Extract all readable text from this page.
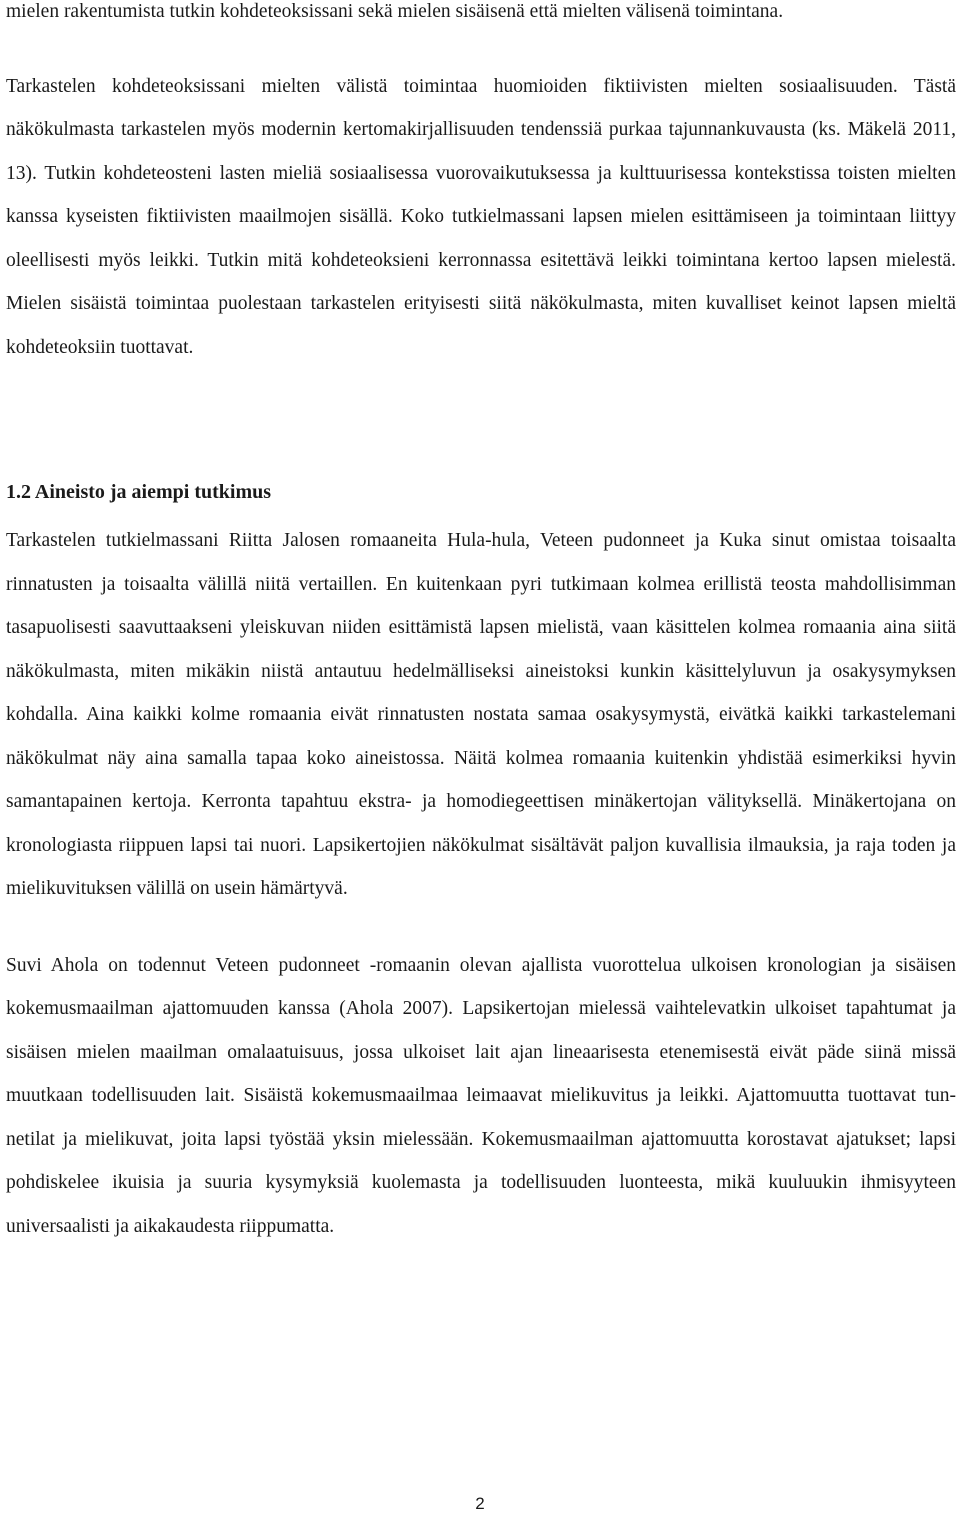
mielen rakentumista tutkin kohdeteoksissani sekä mielen sisäisenä että mielten välisenä toimintana.

Tarkastelen kohdeteoksissani mielten välistä toimintaa huomioiden fiktiivisten mielten sosiaalisuuden. Tästä näkökulmasta tarkastelen myös modernin kertomakirjallisuuden tendenssiä purkaa tajunnankuvausta (ks. Mäkelä 2011, 13). Tutkin kohdeteosteni lasten mieliä sosiaalisessa vuorovaikutuksessa ja kulttuurisessa kontekstissa toisten mielten kanssa kyseisten fiktiivisten maailmojen sisällä. Koko tutkielmassani lapsen mielen esittämiseen ja toimintaan liittyy oleellisesti myös leikki. Tutkin mitä kohdeteoksieni kerronnassa esitettävä leikki toimintana kertoo lapsen mielestä. Mielen sisäistä toimintaa puolestaan tarkastelen erityisesti siitä näkökulmasta, miten kuvalliset keinot lapsen mieltä kohdeteoksiin tuottavat.

1.2 Aineisto ja aiempi tutkimus

Tarkastelen tutkielmassani Riitta Jalosen romaaneita Hula-hula, Veteen pudonneet ja Kuka sinut omistaa toisaalta rinnatusten ja toisaalta välillä niitä vertaillen. En kuitenkaan pyri tutkimaan kolmea erillistä teosta mahdollisimman tasapuolisesti saavuttaakseni yleiskuvan niiden esittämistä lapsen mielistä, vaan käsittelen kolmea romaania aina siitä näkökulmasta, miten mikäkin niistä antautuu hedelmälliseksi aineistoksi kunkin käsittelyluvun ja osakysymyksen kohdalla. Aina kaikki kolme romaania eivät rinnatusten nostata samaa osakysymystä, eivätkä kaikki tarkastelemani näkökulmat näy aina samalla tapaa koko aineistossa. Näitä kolmea romaania kuitenkin yhdistää esimerkiksi hyvin samantapainen kertoja. Kerronta tapahtuu ekstra- ja homodiegeettisen minäkertojan välityksellä. Minäkertojana on kronologiasta riippuen lapsi tai nuori. Lapsikertojien näkökulmat sisältävät paljon kuvallisia ilmauksia, ja raja toden ja mielikuvituksen välillä on usein hämärtyvä.

Suvi Ahola on todennut Veteen pudonneet -romaanin olevan ajallista vuorottelua ulkoisen kronologian ja sisäisen kokemusmaailman ajattomuuden kanssa (Ahola 2007). Lapsikertojan mielessä vaihtelevatkin ulkoiset tapahtumat ja sisäisen mielen maailman omalaatuisuus, jossa ulkoiset lait ajan lineaarisesta etenemisestä eivät päde siinä missä muutkaan todellisuuden lait. Sisäistä kokemusmaailmaa leimaavat mielikuvitus ja leikki. Ajattomuutta tuottavat tunnetilat ja mielikuvat, joita lapsi työstää yksin mielessään. Kokemusmaailman ajattomuutta korostavat ajatukset; lapsi pohdiskelee ikuisia ja suuria kysymyksiä kuolemasta ja todellisuuden luonteesta, mikä kuuluukin ihmisyyteen universaalisti ja aikakaudesta riippumatta.

2
